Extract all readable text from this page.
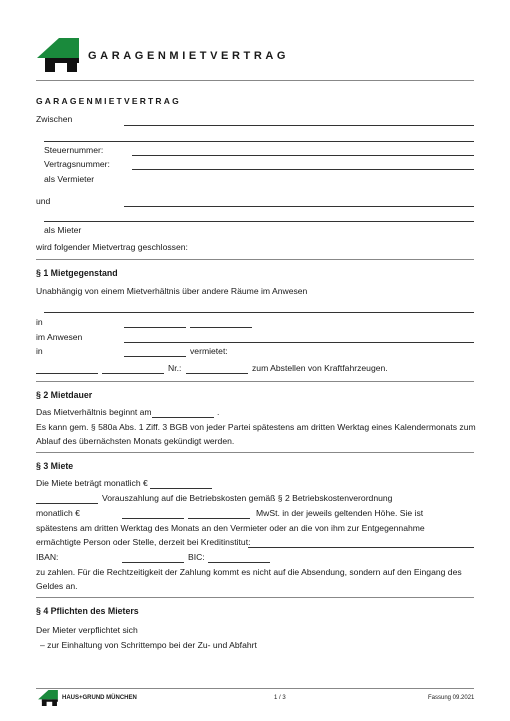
GARAGENMIETVERTRAG
GARAGENMIETVERTRAG
Zwischen
Steuernummer:
Vertragsnummer:
als Vermieter
und
als Mieter
wird folgender Mietvertrag geschlossen:
§ 1 Mietgegenstand
Unabhängig von einem Mietverhältnis über andere Räume im Anwesen
in
im Anwesen
in	vermietet:
Nr.:	zum Abstellen von Kraftfahrzeugen.
§ 2 Mietdauer
Das Mietverhältnis beginnt am	.
Es kann gem. § 580a Abs. 1 Ziff. 3 BGB von jeder Partei spätestens am dritten Werktag eines Kalendermonats zum
Ablauf des übernächsten Monats gekündigt werden.
§ 3 Miete
Die Miete beträgt monatlich €
Vorauszahlung auf die Betriebskosten gemäß § 2 Betriebskostenverordnung
monatlich €	MwSt. in der jeweils geltenden Höhe. Sie ist
spätestens am dritten Werktag des Monats an den Vermieter oder an die von ihm zur Entgegennahme
ermächtigte Person oder Stelle, derzeit bei Kreditinstitut:
IBAN:	BIC:
zu zahlen. Für die Rechtzeitigkeit der Zahlung kommt es nicht auf die Absendung, sondern auf den Eingang des
Geldes an.
§ 4 Pflichten des Mieters
Der Mieter verpflichtet sich
– zur Einhaltung von Schrittempo bei der Zu- und Abfahrt
HAUS+GRUND MÜNCHEN	1 / 3	Fassung 09.2021
